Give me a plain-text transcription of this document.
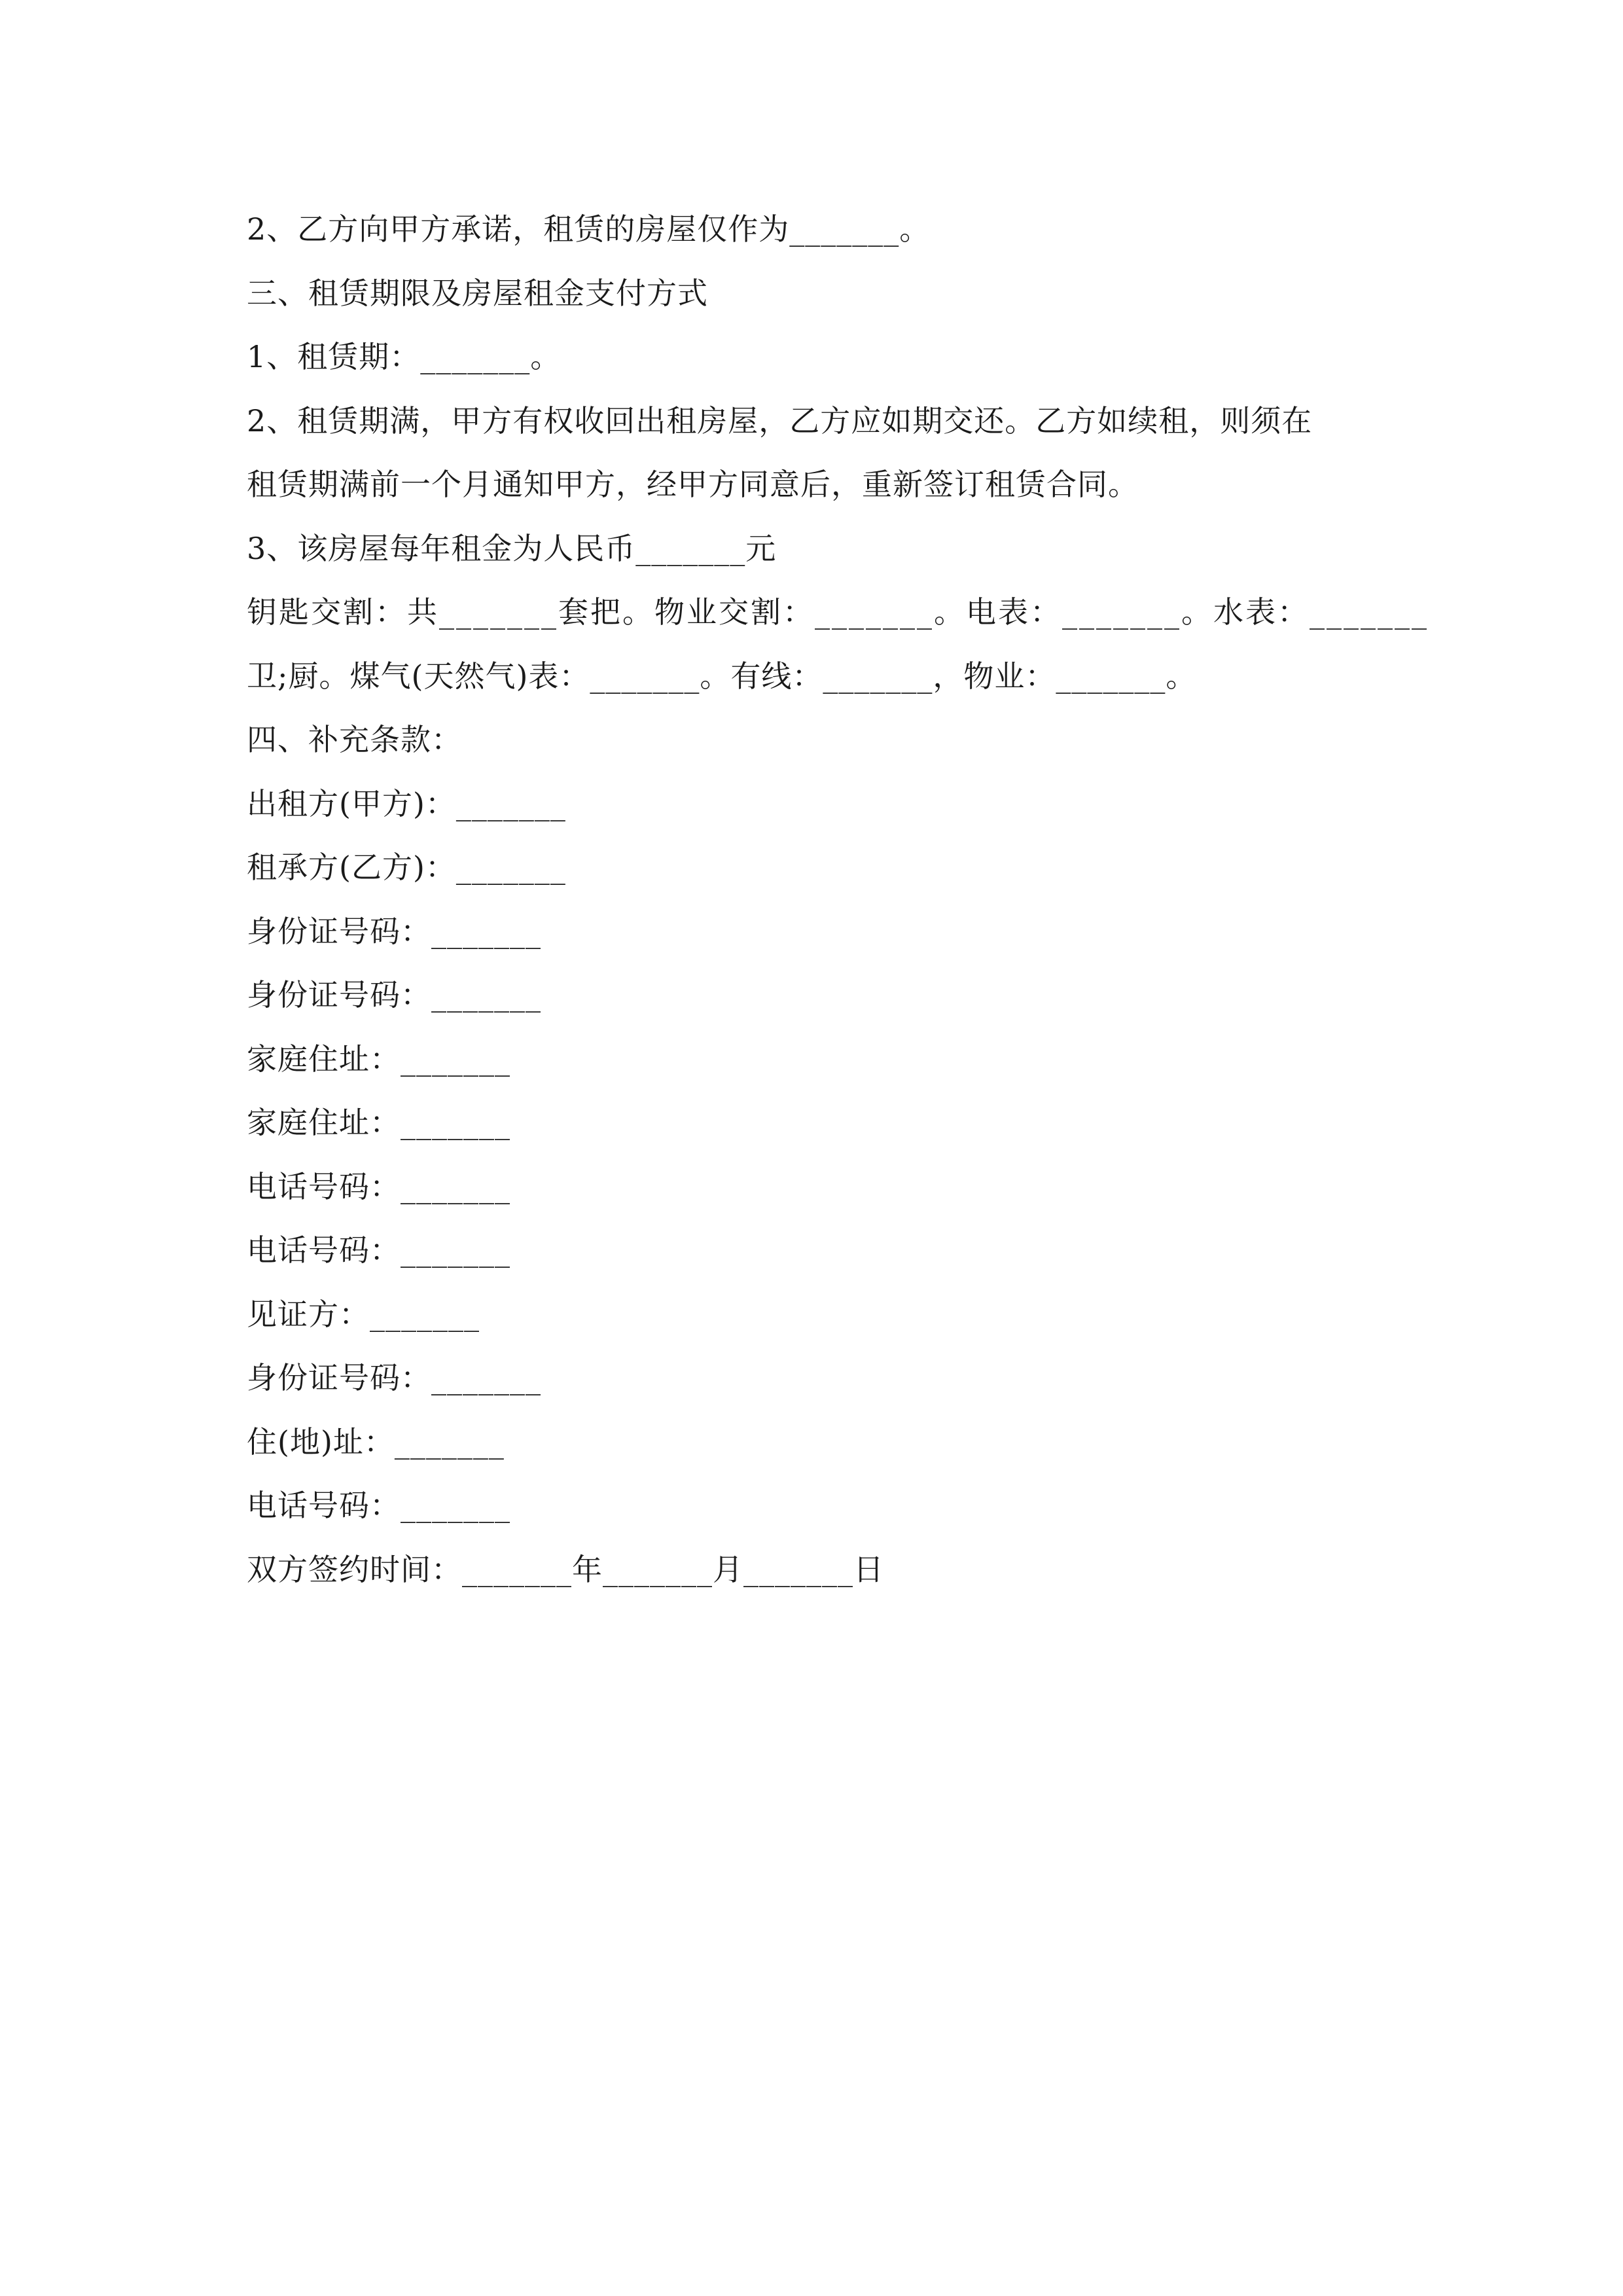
2、乙方向甲方承诺，租赁的房屋仅作为_______。
三、租赁期限及房屋租金支付方式
1、租赁期：_______。
2、租赁期满，甲方有权收回出租房屋，乙方应如期交还。乙方如续租，则须在
租赁期满前一个月通知甲方，经甲方同意后，重新签订租赁合同。
3、该房屋每年租金为人民币_______元
钥匙交割：共_______套把。物业交割：_______。电表：_______。水表：_______
卫;厨。煤气(天然气)表：_______。有线：_______，物业：_______。
四、补充条款：
出租方(甲方)：_______
租承方(乙方)：_______
身份证号码：_______
身份证号码：_______
家庭住址：_______
家庭住址：_______
电话号码：_______
电话号码：_______
见证方：_______
身份证号码：_______
住(地)址：_______
电话号码：_______
双方签约时间：_______年_______月_______日
